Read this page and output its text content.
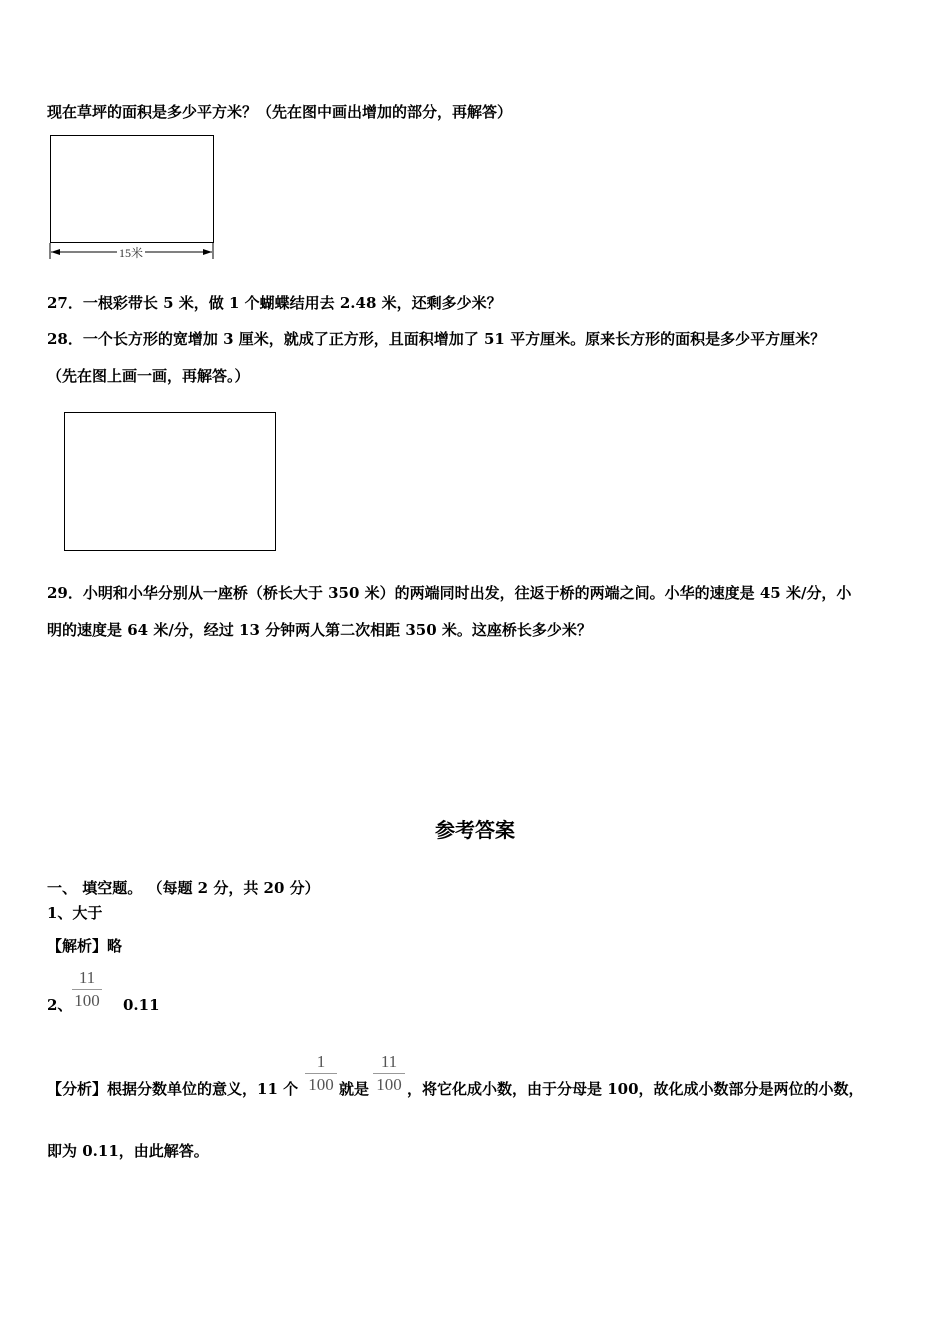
现在草坪的面积是多少平方米？（先在图中画出增加的部分，再解答）
15米
27．一根彩带长 5 米，做 1 个蝴蝶结用去 2.48 米，还剩多少米？
28．一个长方形的宽增加 3 厘米，就成了正方形，且面积增加了 51 平方厘米。原来长方形的面积是多少平方厘米？
（先在图上画一画，再解答。）
29．小明和小华分别从一座桥（桥长大于 350 米）的两端同时出发，往返于桥的两端之间。小华的速度是 45 米/分，小
明的速度是 64 米/分，经过 13 分钟两人第二次相距 350 米。这座桥长多少米？
参考答案
一、 填空题。 （每题 2 分，共 20 分）
1、大于
【解析】略
2、
11
100 0.11
【分析】根据分数单位的意义，11 个
1
100 就是
11
100 ，将它化成小数，由于分母是 100，故化成小数部分是两位的小数，
即为 0.11，由此解答。
